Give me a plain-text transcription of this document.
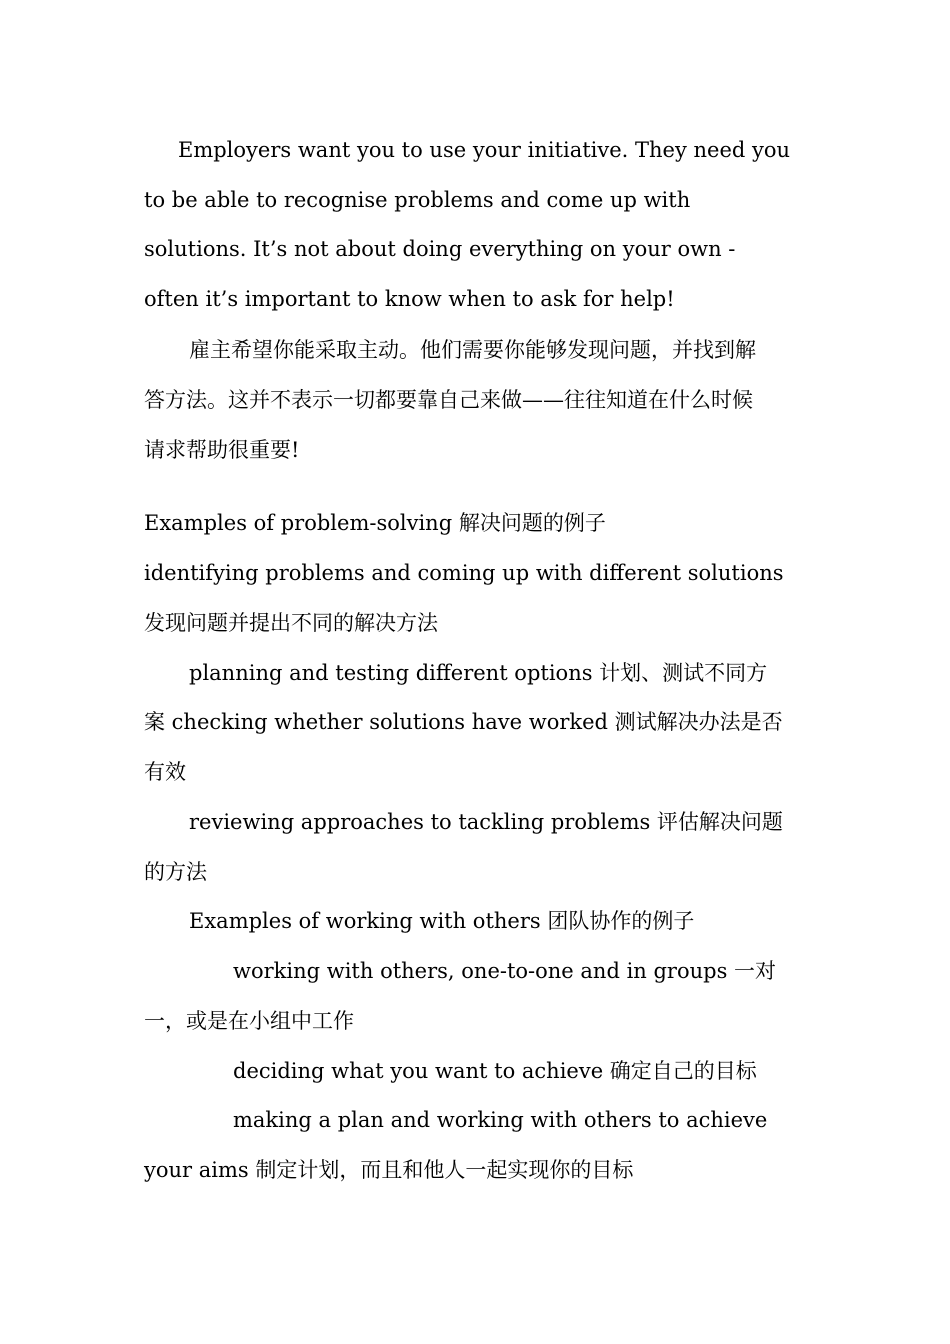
Employers want you to use your initiative. They need you
to be able to recognise problems and come up with
solutions. It’s not about doing everything on your own -
often it’s important to know when to ask for help!
雇主希望你能采取主动。他们需要你能够发现问题，并找到解
答方法。这并不表示一切都要靠自己来做——往往知道在什么时候
请求帮助很重要!
Examples of problem-solving 解决问题的例子
identifying problems and coming up with different solutions
发现问题并提出不同的解决方法
planning and testing different options 计划、测试不同方
案 checking whether solutions have worked 测试解决办法是否
有效
reviewing approaches to tackling problems 评估解决问题
的方法
Examples of working with others 团队协作的例子
working with others, one-to-one and in groups 一对
一，或是在小组中工作
deciding what you want to achieve 确定自己的目标
making a plan and working with others to achieve
your aims 制定计划，而且和他人一起实现你的目标
